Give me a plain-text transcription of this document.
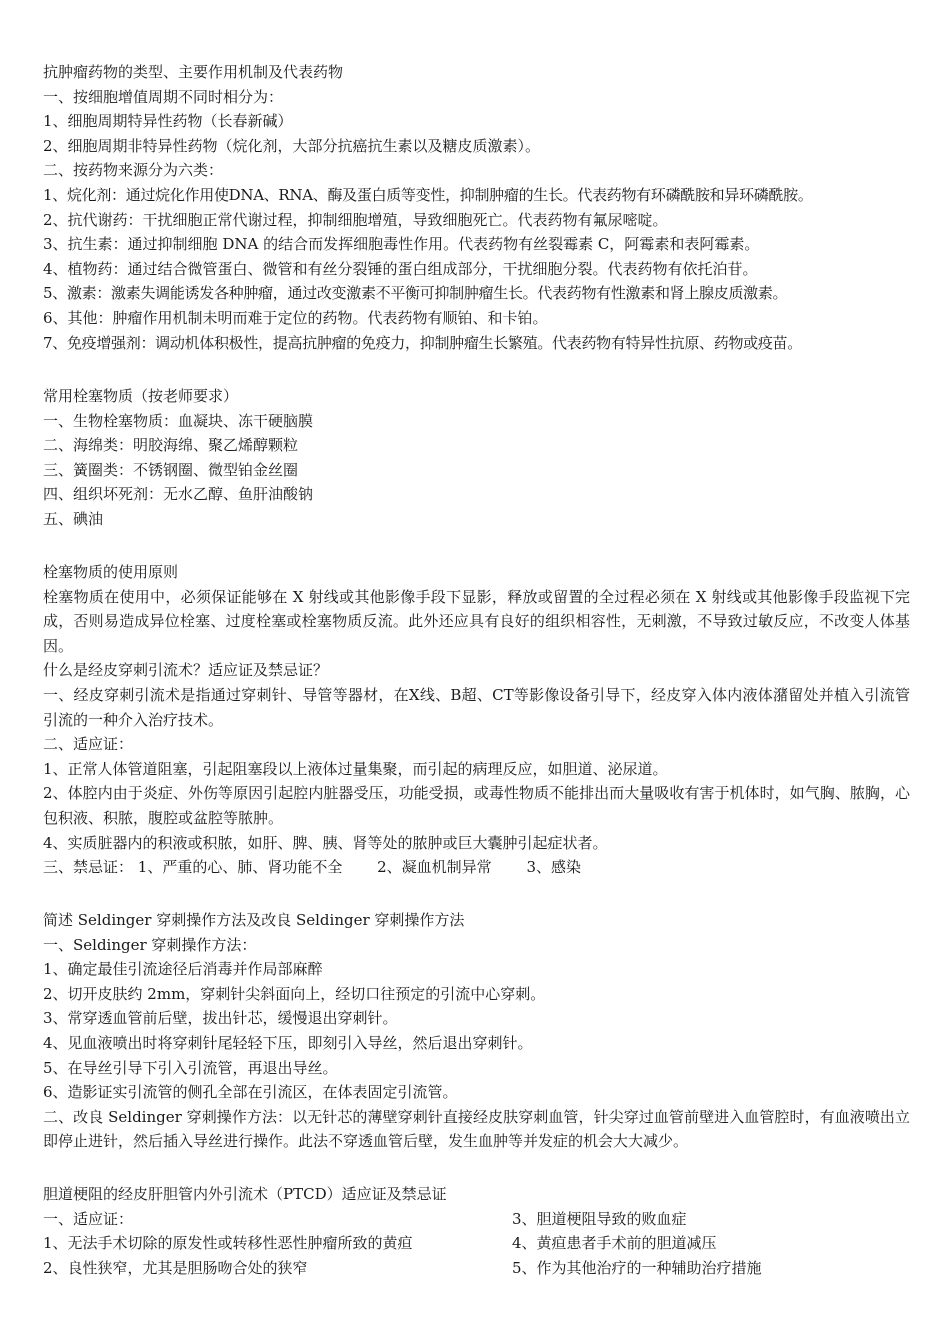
抗肿瘤药物的类型、主要作用机制及代表药物
一、按细胞增值周期不同时相分为：
1、细胞周期特异性药物（长春新碱）
2、细胞周期非特异性药物（烷化剂，大部分抗癌抗生素以及糖皮质激素）。
二、按药物来源分为六类：
1、烷化剂：通过烷化作用使DNA、RNA、酶及蛋白质等变性，抑制肿瘤的生长。代表药物有环磷酰胺和异环磷酰胺。
2、抗代谢药：干扰细胞正常代谢过程，抑制细胞增殖，导致细胞死亡。代表药物有氟尿嘧啶。
3、抗生素：通过抑制细胞 DNA 的结合而发挥细胞毒性作用。代表药物有丝裂霉素 C，阿霉素和表阿霉素。
4、植物药：通过结合微管蛋白、微管和有丝分裂锤的蛋白组成部分，干扰细胞分裂。代表药物有依托泊苷。
5、激素：激素失调能诱发各种肿瘤，通过改变激素不平衡可抑制肿瘤生长。代表药物有性激素和肾上腺皮质激素。
6、其他：肿瘤作用机制未明而难于定位的药物。代表药物有顺铂、和卡铂。
7、免疫增强剂：调动机体积极性，提高抗肿瘤的免疫力，抑制肿瘤生长繁殖。代表药物有特异性抗原、药物或疫苗。
常用栓塞物质（按老师要求）
一、生物栓塞物质：血凝块、冻干硬脑膜
二、海绵类：明胶海绵、聚乙烯醇颗粒
三、簧圈类：不锈钢圈、微型铂金丝圈
四、组织坏死剂：无水乙醇、鱼肝油酸钠
五、碘油
栓塞物质的使用原则
栓塞物质在使用中，必须保证能够在 X 射线或其他影像手段下显影，释放或留置的全过程必须在 X 射线或其他影像手段监视下完成，否则易造成异位栓塞、过度栓塞或栓塞物质反流。此外还应具有良好的组织相容性，无刺激，不导致过敏反应，不改变人体基因。
什么是经皮穿刺引流术？适应证及禁忌证？
一、经皮穿刺引流术是指通过穿刺针、导管等器材，在X线、B超、CT等影像设备引导下，经皮穿入体内液体潴留处并植入引流管引流的一种介入治疗技术。
二、适应证：
1、正常人体管道阻塞，引起阻塞段以上液体过量集聚，而引起的病理反应，如胆道、泌尿道。
2、体腔内由于炎症、外伤等原因引起腔内脏器受压，功能受损，或毒性物质不能排出而大量吸收有害于机体时，如气胸、脓胸，心包积液、积脓，腹腔或盆腔等脓肿。
4、实质脏器内的积液或积脓，如肝、脾、胰、肾等处的脓肿或巨大囊肿引起症状者。
三、禁忌证： 1、严重的心、肺、肾功能不全 2、凝血机制异常 3、感染
简述 Seldinger 穿刺操作方法及改良 Seldinger 穿刺操作方法
一、Seldinger 穿刺操作方法：
1、确定最佳引流途径后消毒并作局部麻醉
2、切开皮肤约 2mm，穿刺针尖斜面向上，经切口往预定的引流中心穿刺。
3、常穿透血管前后壁，拔出针芯，缓慢退出穿刺针。
4、见血液喷出时将穿刺针尾轻轻下压，即刻引入导丝，然后退出穿刺针。
5、在导丝引导下引入引流管，再退出导丝。
6、造影证实引流管的侧孔全部在引流区，在体表固定引流管。
二、改良 Seldinger 穿刺操作方法：以无针芯的薄壁穿刺针直接经皮肤穿刺血管，针尖穿过血管前壁进入血管腔时，有血液喷出立即停止进针，然后插入导丝进行操作。此法不穿透血管后壁，发生血肿等并发症的机会大大减少。
胆道梗阻的经皮肝胆管内外引流术（PTCD）适应证及禁忌证
一、适应证：
1、无法手术切除的原发性或转移性恶性肿瘤所致的黄疸
2、良性狭窄，尤其是胆肠吻合处的狭窄
3、胆道梗阻导致的败血症
4、黄疸患者手术前的胆道减压
5、作为其他治疗的一种辅助治疗措施
